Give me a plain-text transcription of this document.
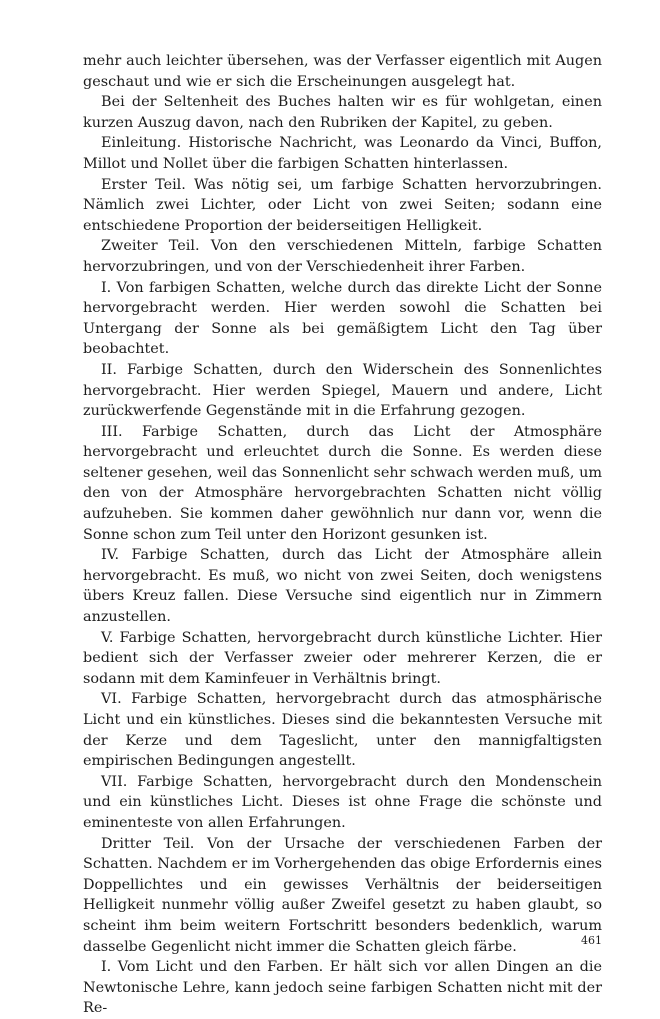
mehr auch leichter übersehen, was der Verfasser eigentlich mit Augen geschaut und wie er sich die Erscheinungen ausgelegt hat.

Bei der Seltenheit des Buches halten wir es für wohlgetan, einen kurzen Auszug davon, nach den Rubriken der Kapitel, zu geben.

Einleitung. Historische Nachricht, was Leonardo da Vinci, Buffon, Millot und Nollet über die farbigen Schatten hinterlassen.

Erster Teil. Was nötig sei, um farbige Schatten hervorzubringen. Nämlich zwei Lichter, oder Licht von zwei Seiten; sodann eine entschiedene Proportion der beiderseitigen Helligkeit.

Zweiter Teil. Von den verschiedenen Mitteln, farbige Schatten hervorzubringen, und von der Verschiedenheit ihrer Farben.

I. Von farbigen Schatten, welche durch das direkte Licht der Sonne hervorgebracht werden. Hier werden sowohl die Schatten bei Untergang der Sonne als bei gemäßigtem Licht den Tag über beobachtet.

II. Farbige Schatten, durch den Widerschein des Sonnenlichtes hervorgebracht. Hier werden Spiegel, Mauern und andere, Licht zurückwerfende Gegenstände mit in die Erfahrung gezogen.

III. Farbige Schatten, durch das Licht der Atmosphäre hervorgebracht und erleuchtet durch die Sonne. Es werden diese seltener gesehen, weil das Sonnenlicht sehr schwach werden muß, um den von der Atmosphäre hervorgebrachten Schatten nicht völlig aufzuheben. Sie kommen daher gewöhnlich nur dann vor, wenn die Sonne schon zum Teil unter den Horizont gesunken ist.

IV. Farbige Schatten, durch das Licht der Atmosphäre allein hervorgebracht. Es muß, wo nicht von zwei Seiten, doch wenigstens übers Kreuz fallen. Diese Versuche sind eigentlich nur in Zimmern anzustellen.

V. Farbige Schatten, hervorgebracht durch künstliche Lichter. Hier bedient sich der Verfasser zweier oder mehrerer Kerzen, die er sodann mit dem Kaminfeuer in Verhältnis bringt.

VI. Farbige Schatten, hervorgebracht durch das atmosphärische Licht und ein künstliches. Dieses sind die bekanntesten Versuche mit der Kerze und dem Tageslicht, unter den mannigfaltigsten empirischen Bedingungen angestellt.

VII. Farbige Schatten, hervorgebracht durch den Mondenschein und ein künstliches Licht. Dieses ist ohne Frage die schönste und eminenteste von allen Erfahrungen.

Dritter Teil. Von der Ursache der verschiedenen Farben der Schatten. Nachdem er im Vorhergehenden das obige Erfordernis eines Doppellichtes und ein gewisses Verhältnis der beiderseitigen Helligkeit nunmehr völlig außer Zweifel gesetzt zu haben glaubt, so scheint ihm beim weitern Fortschritt besonders bedenklich, warum dasselbe Gegenlicht nicht immer die Schatten gleich färbe.

I. Vom Licht und den Farben. Er hält sich vor allen Dingen an die Newtonische Lehre, kann jedoch seine farbigen Schatten nicht mit der Re-

461
